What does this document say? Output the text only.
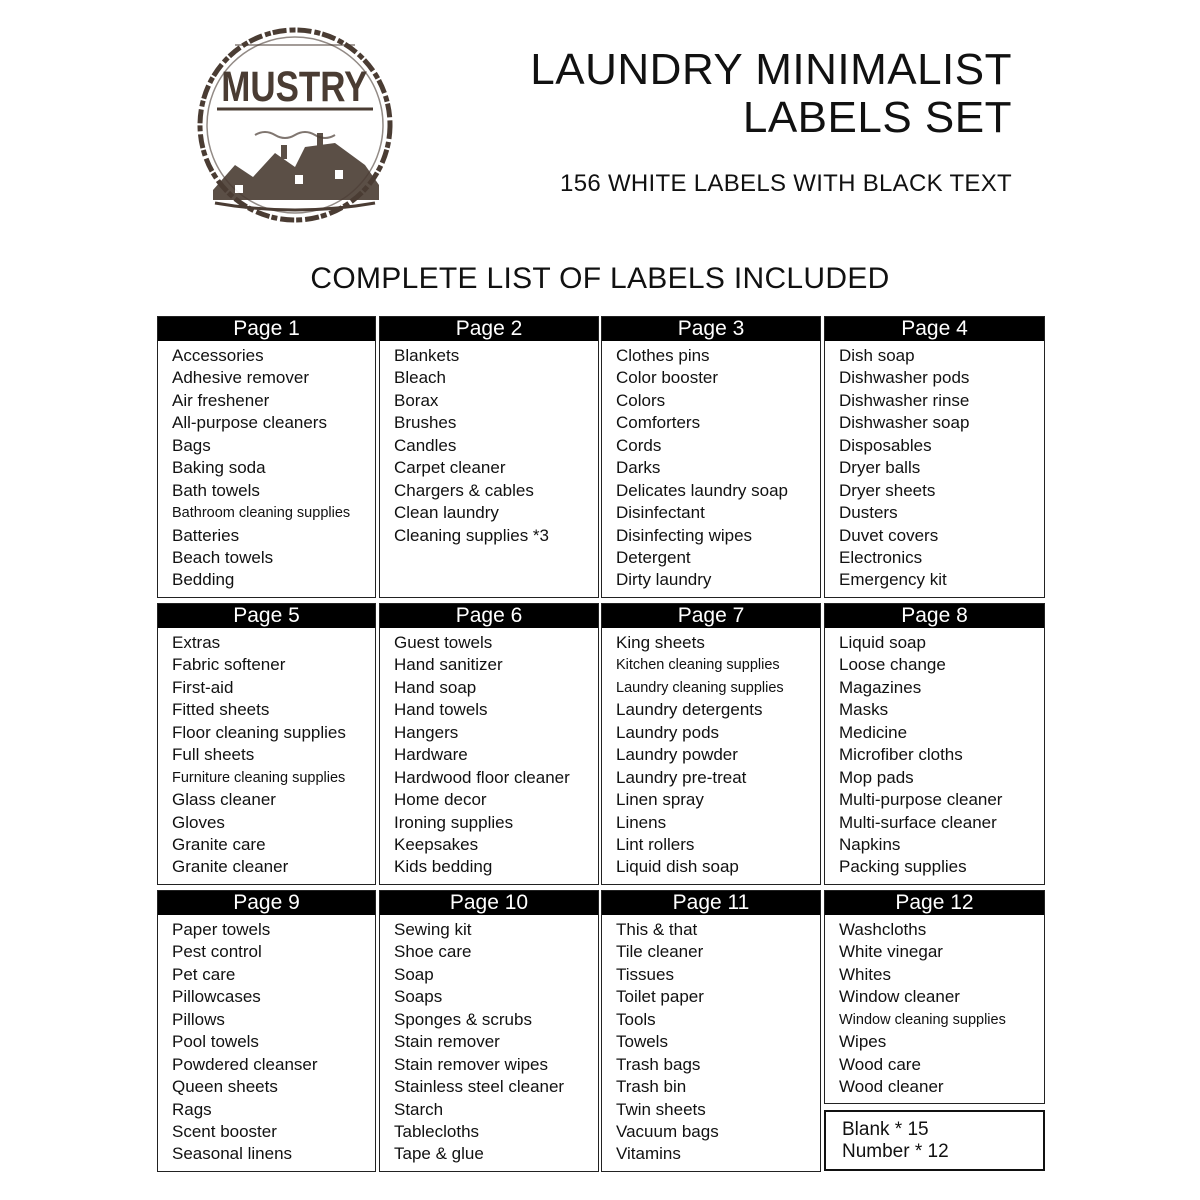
MUSTRY	LAUNDRY MINIMALIST
LABELS SET
156 WHITE LABELS WITH BLACK TEXT
COMPLETE LIST OF LABELS INCLUDED
Page 1
Accessories
Adhesive remover
Air freshener
All-purpose cleaners
Bags
Baking soda
Bath towels
Bathroom cleaning supplies
Batteries
Beach towels
Bedding
Page 2
Blankets
Bleach
Borax
Brushes
Candles
Carpet cleaner
Chargers & cables
Clean laundry
Cleaning supplies *3
Page 3
Clothes pins
Color booster
Colors
Comforters
Cords
Darks
Delicates laundry soap
Disinfectant
Disinfecting wipes
Detergent
Dirty laundry
Page 4
Dish soap
Dishwasher pods
Dishwasher rinse
Dishwasher soap
Disposables
Dryer balls
Dryer sheets
Dusters
Duvet covers
Electronics
Emergency kit
Page 5
Extras
Fabric softener
First-aid
Fitted sheets
Floor cleaning supplies
Full sheets
Furniture cleaning supplies
Glass cleaner
Gloves
Granite care
Granite cleaner
Page 6
Guest towels
Hand sanitizer
Hand soap
Hand towels
Hangers
Hardware
Hardwood floor cleaner
Home decor
Ironing supplies
Keepsakes
Kids bedding
Page 7
King sheets
Kitchen cleaning supplies
Laundry cleaning supplies
Laundry detergents
Laundry pods
Laundry powder
Laundry pre-treat
Linen spray
Linens
Lint rollers
Liquid dish soap
Page 8
Liquid soap
Loose change
Magazines
Masks
Medicine
Microfiber cloths
Mop pads
Multi-purpose cleaner
Multi-surface cleaner
Napkins
Packing supplies
Page 9
Paper towels
Pest control
Pet care
Pillowcases
Pillows
Pool towels
Powdered cleanser
Queen sheets
Rags
Scent booster
Seasonal linens
Page 10
Sewing kit
Shoe care
Soap
Soaps
Sponges & scrubs
Stain remover
Stain remover wipes
Stainless steel cleaner
Starch
Tablecloths
Tape & glue
Page 11
This & that
Tile cleaner
Tissues
Toilet paper
Tools
Towels
Trash bags
Trash bin
Twin sheets
Vacuum bags
Vitamins
Page 12
Washcloths
White vinegar
Whites
Window cleaner
Window cleaning supplies
Wipes
Wood care
Wood cleaner
Blank * 15
Number * 12
